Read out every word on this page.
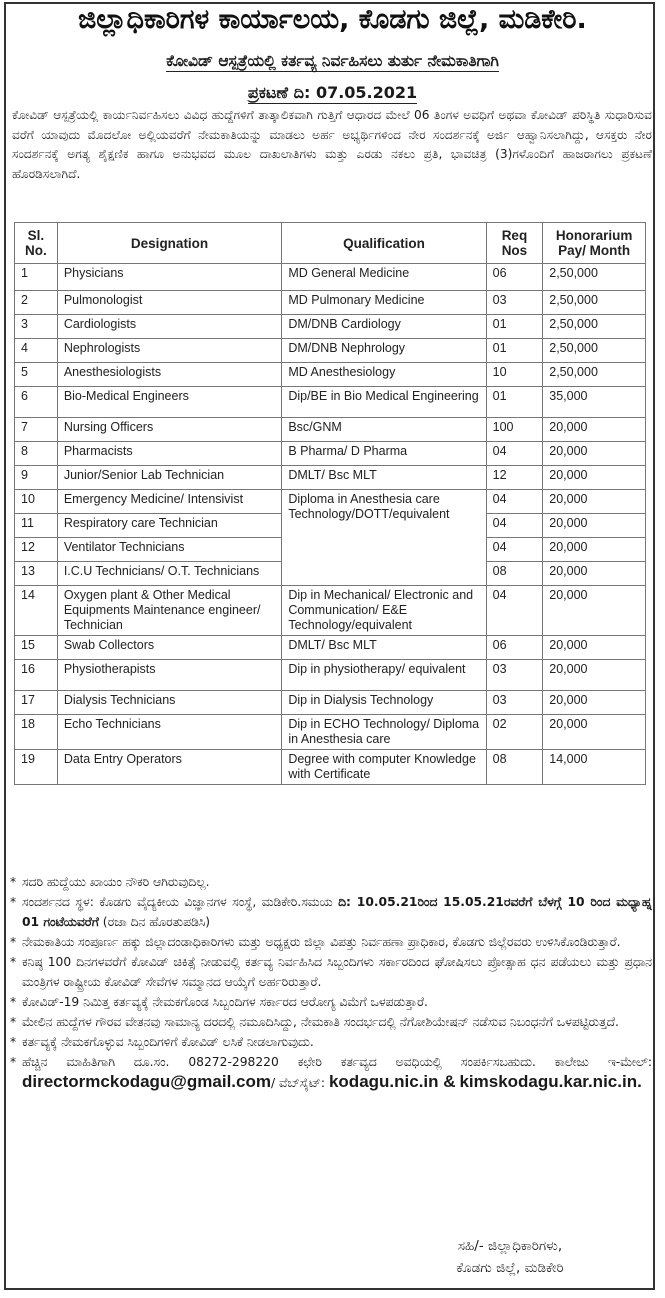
ಜಿಲ್ಲಾಧಿಕಾರಿಗಳ ಕಾರ್ಯಾಲಯ, ಕೊಡಗು ಜಿಲ್ಲೆ, ಮಡಿಕೇರಿ.
ಕೋವಿಡ್ ಆಸ್ಪತ್ರೆಯಲ್ಲಿ ಕರ್ತವ್ಯ ನಿರ್ವಹಿಸಲು ತುರ್ತು ನೇಮಕಾತಿಗಾಗಿ
ಪ್ರಕಟಣೆ ದಿ: 07.05.2021
ಕೋವಿಡ್ ಆಸ್ಪತ್ರೆಯಲ್ಲಿ ಕಾರ್ಯನಿರ್ವಹಿಸಲು ವಿವಿಧ ಹುದ್ದೆಗಳಿಗೆ ತಾತ್ಕಾಲಿಕವಾಗಿ ಗುತ್ತಿಗೆ ಆಧಾರದ ಮೇಲೆ 06 ತಿಂಗಳ ಅವಧಿಗೆ ಅಥವಾ ಕೋವಿಡ್ ಪರಿಸ್ಥಿತಿ ಸುಧಾರಿಸುವ ವರೆಗೆ ಯಾವುದು ಮೊದಲೋ ಅಲ್ಲಿಯವರೆಗೆ ನೇಮಕಾತಿಯನ್ನು ಮಾಡಲು ಅರ್ಹ ಅಭ್ಯರ್ಥಿಗಳಿಂದ ನೇರ ಸಂದರ್ಶನಕ್ಕೆ ಅರ್ಜಿ ಆಹ್ವಾನಿಸಲಾಗಿದ್ದು, ಆಸಕ್ತರು ನೇರ ಸಂದರ್ಶನಕ್ಕೆ ಅಗತ್ಯ ಶೈಕ್ಷಣಿಕ ಹಾಗೂ ಅನುಭವದ ಮೂಲ ದಾಖಲಾತಿಗಳು ಮತ್ತು ಎರಡು ನಕಲು ಪ್ರತಿ, ಭಾವಚಿತ್ರ (3)ಗಳೊಂದಿಗೆ ಹಾಜರಾಗಲು ಪ್ರಕಟಣೆ ಹೊರಡಿಸಲಾಗಿದೆ.
Sl. No.	Designation	Qualification	Req Nos	Honorarium Pay/ Month
1	Physicians	MD General Medicine	06	2,50,000
2	Pulmonologist	MD Pulmonary Medicine	03	2,50,000
3	Cardiologists	DM/DNB Cardiology	01	2,50,000
4	Nephrologists	DM/DNB Nephrology	01	2,50,000
5	Anesthesiologists	MD Anesthesiology	10	2,50,000
6	Bio-Medical Engineers	Dip/BE in Bio Medical Engineering	01	35,000
7	Nursing Officers	Bsc/GNM	100	20,000
8	Pharmacists	B Pharma/ D Pharma	04	20,000
9	Junior/Senior Lab Technician	DMLT/ Bsc MLT	12	20,000
10	Emergency Medicine/ Intensivist	Diploma in Anesthesia care Technology/DOTT/equivalent	04	20,000
11	Respiratory care Technician		04	20,000
12	Ventilator Technicians		04	20,000
13	I.C.U Technicians/ O.T. Technicians		08	20,000
14	Oxygen plant & Other Medical Equipments Maintenance engineer/ Technician	Dip in Mechanical/ Electronic and Communication/ E&E Technology/equivalent	04	20,000
15	Swab Collectors	DMLT/ Bsc MLT	06	20,000
16	Physiotherapists	Dip in physiotherapy/ equivalent	03	20,000
17	Dialysis Technicians	Dip in Dialysis Technology	03	20,000
18	Echo Technicians	Dip in ECHO Technology/ Diploma in Anesthesia care	02	20,000
19	Data Entry Operators	Degree with computer Knowledge with Certificate	08	14,000
* ಸದರಿ ಹುದ್ದೆಯು ಖಾಯಂ ನೌಕರಿ ಆಗಿರುವುದಿಲ್ಲ.
* ಸಂದರ್ಶನದ ಸ್ಥಳ: ಕೊಡಗು ವೈದ್ಯಕೀಯ ವಿಜ್ಞಾನಗಳ ಸಂಸ್ಥೆ, ಮಡಿಕೇರಿ.ಸಮಯ ದಿ: 10.05.21ರಿಂದ 15.05.21ರವರೆಗೆ ಬೆಳಗ್ಗೆ 10 ರಿಂದ ಮಧ್ಯಾಹ್ನ 01 ಗಂಟೆಯವರೆಗೆ (ರಜಾ ದಿನ ಹೊರತುಪಡಿಸಿ)
* ನೇಮಕಾತಿಯ ಸಂಪೂರ್ಣ ಹಕ್ಕು ಜಿಲ್ಲಾದಂಡಾಧಿಕಾರಿಗಳು ಮತ್ತು ಅಧ್ಯಕ್ಷರು ಜಿಲ್ಲಾ ವಿಪತ್ತು ನಿರ್ವಹಣಾ ಪ್ರಾಧಿಕಾರ, ಕೊಡಗು ಜಿಲ್ಲೆರವರು ಉಳಿಸಿಕೊಂಡಿರುತ್ತಾರೆ.
* ಕನಿಷ್ಠ 100 ದಿನಗಳವರೆಗೆ ಕೋವಿಡ್ ಚಿಕಿತ್ಸೆ ನೀಡುವಲ್ಲಿ ಕರ್ತವ್ಯ ನಿರ್ವಹಿಸಿದ ಸಿಬ್ಬಂದಿಗಳು ಸರ್ಕಾರದಿಂದ ಘೋಷಿಸಲು ಪ್ರೋತ್ಸಾಹ ಧನ ಪಡೆಯಲು ಮತ್ತು ಪ್ರಧಾನ ಮಂತ್ರಿಗಳ ರಾಷ್ಟ್ರೀಯ ಕೋವಿಡ್ ಸೇವೆಗಳ ಸಮ್ಮಾನದ ಆಯ್ಕೆಗೆ ಅರ್ಹರಿರುತ್ತಾರೆ.
* ಕೋವಿಡ್-19 ನಿಮಿತ್ತ ಕರ್ತವ್ಯಕ್ಕೆ ನೇಮಕಗೊಂಡ ಸಿಬ್ಬಂದಿಗಳ ಸರ್ಕಾರದ ಆರೋಗ್ಯ ವಿಮೆಗೆ ಒಳಪಡುತ್ತಾರೆ.
* ಮೇಲಿನ ಹುದ್ದೆಗಳ ಗೌರವ ವೇತನವು ಸಾಮಾನ್ಯ ದರದಲ್ಲಿ ನಮೂದಿಸಿದ್ದು, ನೇಮಕಾತಿ ಸಂದರ್ಭದಲ್ಲಿ ನೆಗೋಶಿಯೇಷನ್ ನಡೆಸುವ ನಿಬಂಧನೆಗೆ ಒಳಪಟ್ಟಿರುತ್ತದೆ.
* ಕರ್ತವ್ಯಕ್ಕೆ ನೇಮಕಗೊಳ್ಳುವ ಸಿಬ್ಬಂದಿಗಳಿಗೆ ಕೋವಿಡ್ ಲಸಿಕೆ ನೀಡಲಾಗುವುದು.
* ಹೆಚ್ಚಿನ ಮಾಹಿತಿಗಾಗಿ ದೂ.ಸಂ. 08272-298220 ಕಛೇರಿ ಕರ್ತವ್ಯದ ಅವಧಿಯಲ್ಲಿ ಸಂಪರ್ಕಿಸಬಹುದು. ಕಾಲೇಜು ಇ-ಮೇಲ್: directormckodagu@gmail.com/ ವೆಬ್‌ಸೈಟ್: kodagu.nic.in & kimskodagu.kar.nic.in.
ಸಹಿ/- ಜಿಲ್ಲಾಧಿಕಾರಿಗಳು,
ಕೊಡಗು ಜಿಲ್ಲೆ, ಮಡಿಕೇರಿ
